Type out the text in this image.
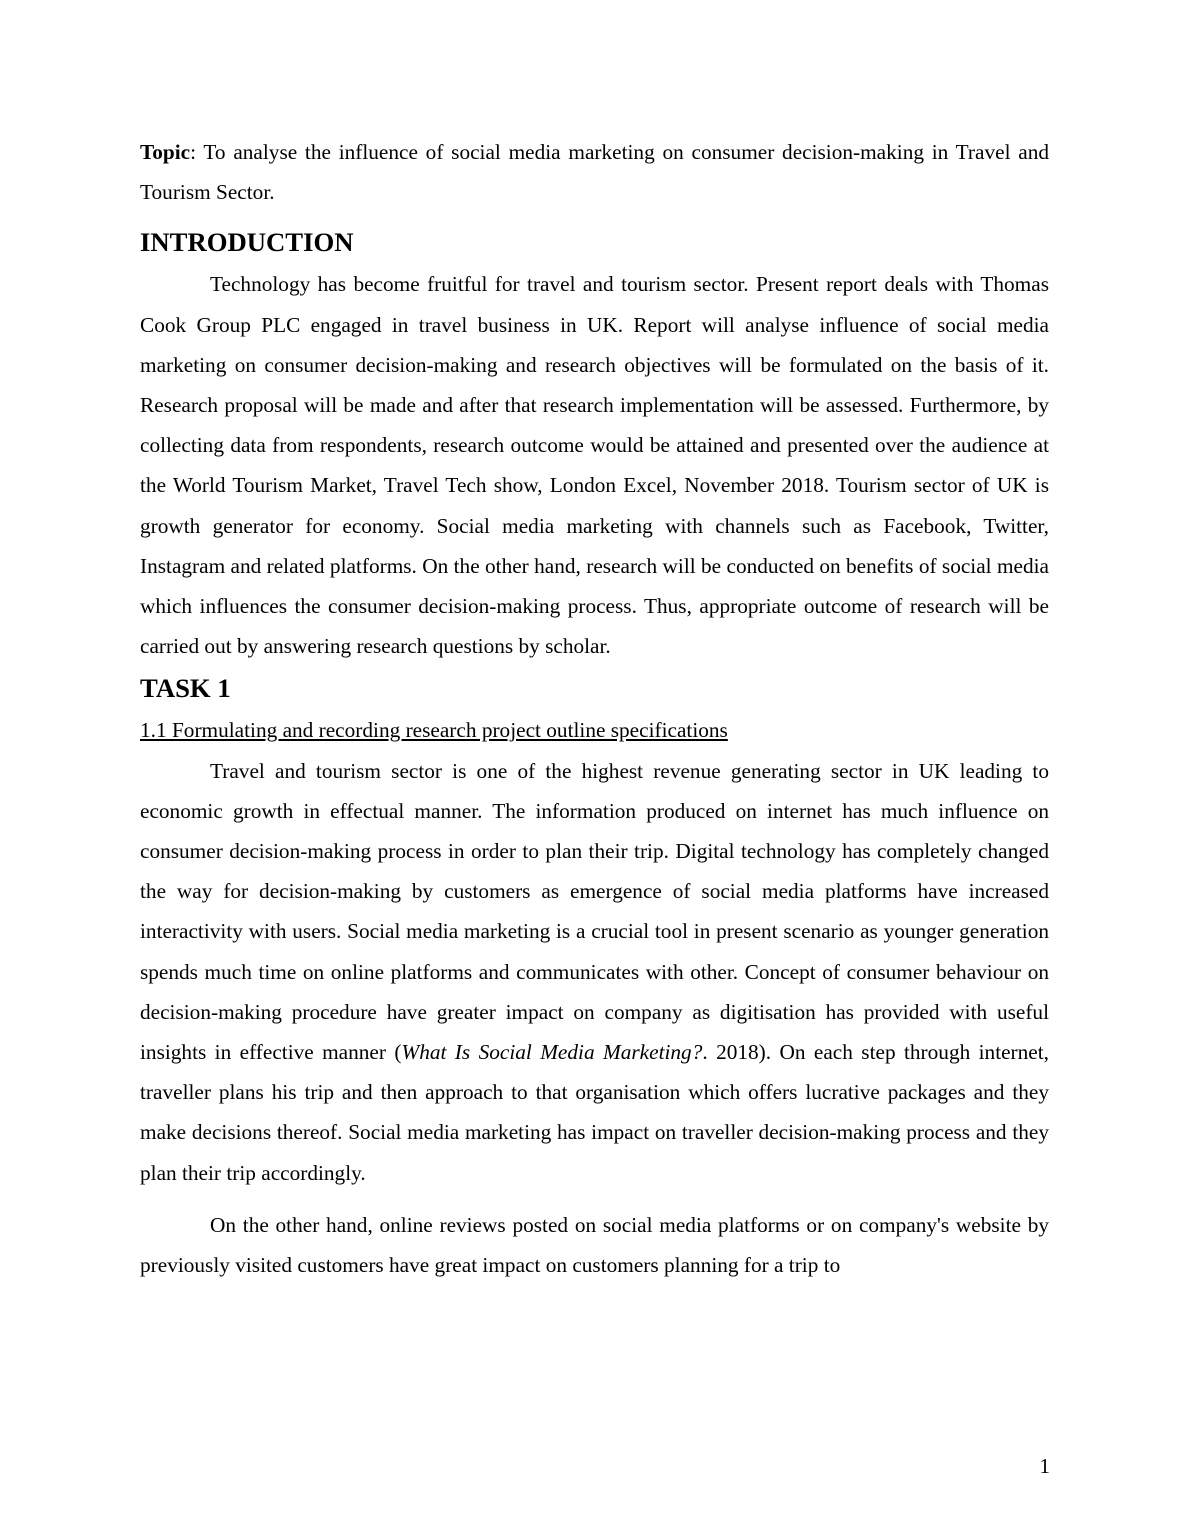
Topic: To analyse the influence of social media marketing on consumer decision-making in Travel and Tourism Sector.

INTRODUCTION

Technology has become fruitful for travel and tourism sector. Present report deals with Thomas Cook Group PLC engaged in travel business in UK. Report will analyse influence of social media marketing on consumer decision-making and research objectives will be formulated on the basis of it. Research proposal will be made and after that research implementation will be assessed. Furthermore, by collecting data from respondents, research outcome would be attained and presented over the audience at the World Tourism Market, Travel Tech show, London Excel, November 2018. Tourism sector of UK is growth generator for economy. Social media marketing with channels such as Facebook, Twitter, Instagram and related platforms. On the other hand, research will be conducted on benefits of social media which influences the consumer decision-making process. Thus, appropriate outcome of research will be carried out by answering research questions by scholar.

TASK 1

1.1 Formulating and recording research project outline specifications

Travel and tourism sector is one of the highest revenue generating sector in UK leading to economic growth in effectual manner. The information produced on internet has much influence on consumer decision-making process in order to plan their trip. Digital technology has completely changed the way for decision-making by customers as emergence of social media platforms have increased interactivity with users. Social media marketing is a crucial tool in present scenario as younger generation spends much time on online platforms and communicates with other. Concept of consumer behaviour on decision-making procedure have greater impact on company as digitisation has provided with useful insights in effective manner (What Is Social Media Marketing?. 2018). On each step through internet, traveller plans his trip and then approach to that organisation which offers lucrative packages and they make decisions thereof. Social media marketing has impact on traveller decision-making process and they plan their trip accordingly.

On the other hand, online reviews posted on social media platforms or on company's website by previously visited customers have great impact on customers planning for a trip to

1
